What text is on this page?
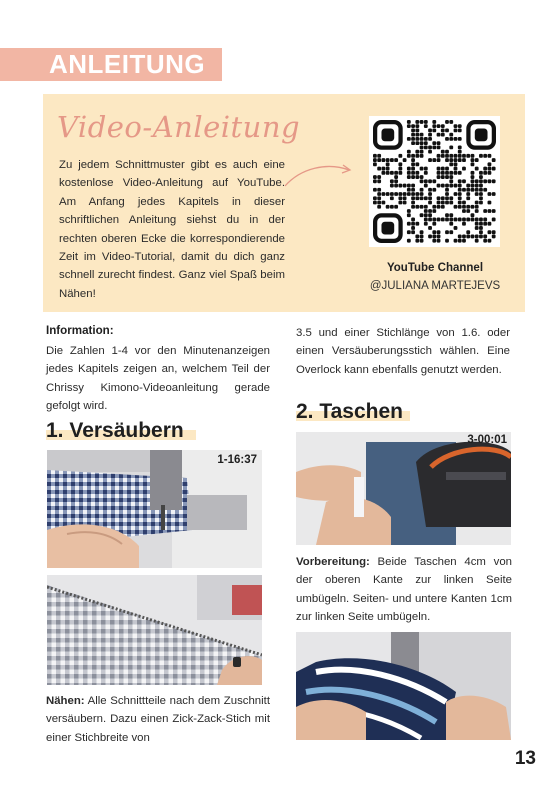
ANLEITUNG
Video-Anleitung
Zu jedem Schnittmuster gibt es auch eine kostenlose Video-Anleitung auf YouTube. Am Anfang jedes Kapitels in dieser schriftlichen Anleitung siehst du in der rechten oberen Ecke die korrespondierende Zeit im Video-Tutorial, damit du dich ganz schnell zurecht findest. Ganz viel Spaß beim Nähen!
YouTube Channel
@JULIANA MARTEJEVS
Information:
Die Zahlen 1-4 vor den Minutenanzeigen jedes Kapitels zeigen an, welchem Teil der Chrissy Kimono-Videoanleitung gerade gefolgt wird.
1. Versäubern
1-16:37
Nähen: Alle Schnittteile nach dem Zuschnitt versäubern. Dazu einen Zick-Zack-Stich mit einer Stichbreite von
3.5 und einer Stichlänge von 1.6. oder einen Versäuberungsstich wählen. Eine Overlock kann ebenfalls genutzt werden.
2. Taschen
3-00:01
Vorbereitung: Beide Taschen 4cm von der oberen Kante zur linken Seite umbügeln. Seiten- und untere Kanten 1cm zur linken Seite umbügeln.
13
